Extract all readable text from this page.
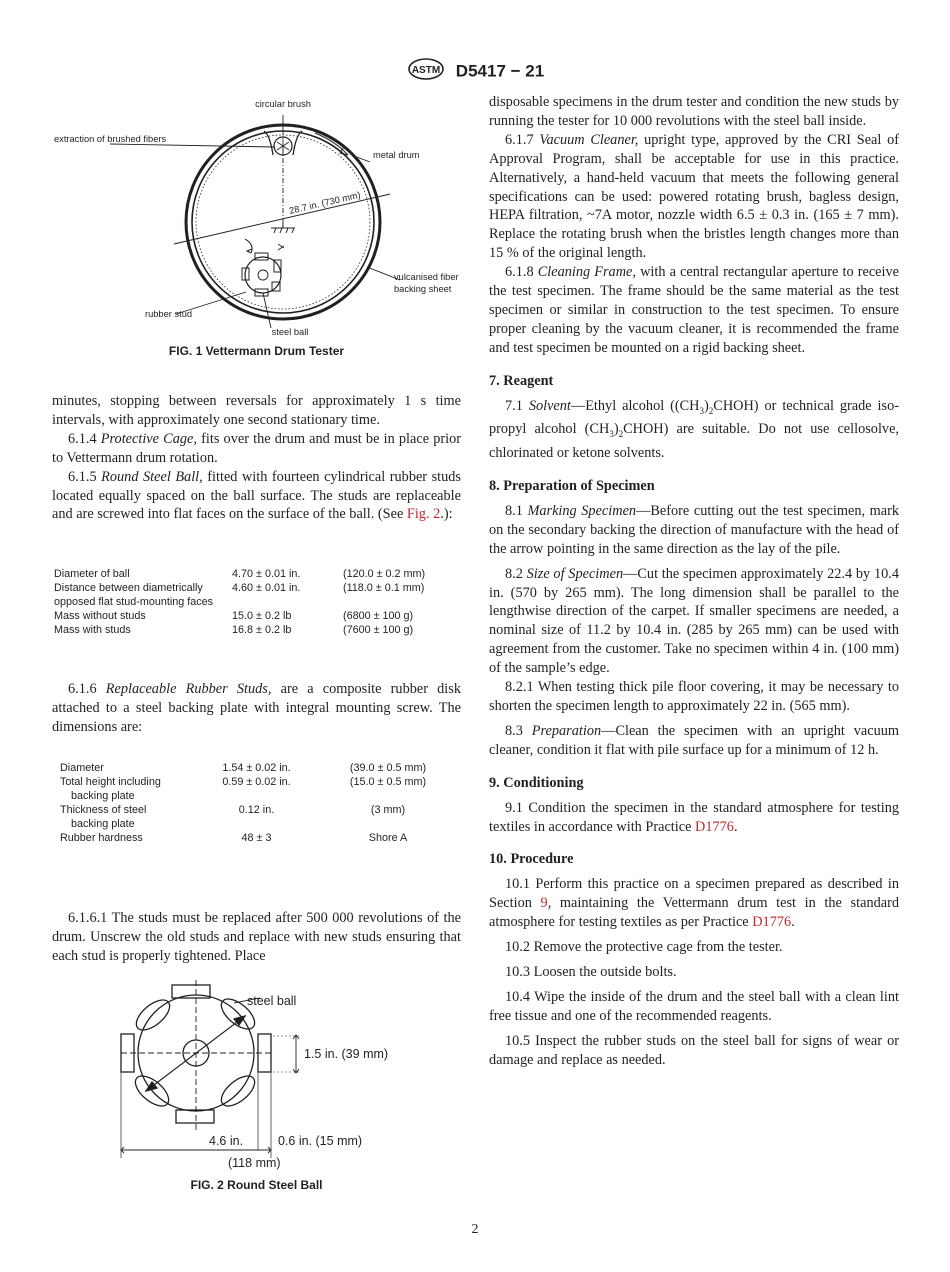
ASTM D5417 − 21
circular brush
extraction of brushed fibers
metal drum
28.7 in. (730 mm)
vulcanised fiber
backing sheet
rubber stud
steel ball
FIG. 1 Vettermann Drum Tester

minutes, stopping between reversals for approximately 1 s time intervals, with approximately one second stationary time.

6.1.4 Protective Cage, fits over the drum and must be in place prior to Vettermann drum rotation.

6.1.5 Round Steel Ball, fitted with fourteen cylindrical rubber studs located equally spaced on the ball surface. The studs are replaceable and are screwed into flat faces on the surface of the ball. (See Fig. 2.):

Diameter of ball	4.70 ± 0.01 in.	(120.0 ± 0.2 mm)
Distance between diametrically
opposed flat stud-mounting faces	4.60 ± 0.01 in.	(118.0 ± 0.1 mm)
Mass without studs	15.0 ± 0.2 lb	(6800 ± 100 g)
Mass with studs	16.8 ± 0.2 lb	(7600 ± 100 g)

6.1.6 Replaceable Rubber Studs, are a composite rubber disk attached to a steel backing plate with integral mounting screw. The dimensions are:

Diameter	1.54 ± 0.02 in.	(39.0 ± 0.5 mm)
Total height including
backing plate	0.59 ± 0.02 in.	(15.0 ± 0.5 mm)
Thickness of steel
backing plate	0.12 in.	(3 mm)
Rubber hardness	48 ± 3	Shore A

6.1.6.1 The studs must be replaced after 500 000 revolutions of the drum. Unscrew the old studs and replace with new studs ensuring that each stud is properly tightened. Place

steel ball
1.5 in. (39 mm)
4.6 in.	0.6 in. (15 mm)
(118 mm)
FIG. 2 Round Steel Ball

disposable specimens in the drum tester and condition the new studs by running the tester for 10 000 revolutions with the steel ball inside.

6.1.7 Vacuum Cleaner, upright type, approved by the CRI Seal of Approval Program, shall be acceptable for use in this practice. Alternatively, a hand-held vacuum that meets the following general specifications can be used: powered rotating brush, bagless design, HEPA filtration, ~7A motor, nozzle width 6.5 ± 0.3 in. (165 ± 7 mm). Replace the rotating brush when the bristles length changes more than 15 % of the original length.

6.1.8 Cleaning Frame, with a central rectangular aperture to receive the test specimen. The frame should be the same material as the test specimen or similar in construction to the test specimen. To ensure proper cleaning by the vacuum cleaner, it is recommended the frame and test specimen be mounted on a rigid backing sheet.

7. Reagent

7.1 Solvent—Ethyl alcohol $((CH_3)_2CHOH)$ or technical grade iso-propyl alcohol $(CH_3)_2CHOH$) are suitable. Do not use cellosolve, chlorinated or ketone solvents.

8. Preparation of Specimen

8.1 Marking Specimen—Before cutting out the test specimen, mark on the secondary backing the direction of manufacture with the head of the arrow pointing in the same direction as the lay of the pile.

8.2 Size of Specimen—Cut the specimen approximately 22.4 by 10.4 in. (570 by 265 mm). The long dimension shall be parallel to the lengthwise direction of the carpet. If smaller specimens are needed, a nominal size of 11.2 by 10.4 in. (285 by 265 mm) can be used with agreement from the customer. Take no specimen within 4 in. (100 mm) of the sample’s edge.

8.2.1 When testing thick pile floor covering, it may be necessary to shorten the specimen length to approximately 22 in. (565 mm).

8.3 Preparation—Clean the specimen with an upright vacuum cleaner, condition it flat with pile surface up for a minimum of 12 h.

9. Conditioning

9.1 Condition the specimen in the standard atmosphere for testing textiles in accordance with Practice D1776.

10. Procedure

10.1 Perform this practice on a specimen prepared as described in Section 9, maintaining the Vettermann drum test in the standard atmosphere for testing textiles as per Practice D1776.

10.2 Remove the protective cage from the tester.

10.3 Loosen the outside bolts.

10.4 Wipe the inside of the drum and the steel ball with a clean lint free tissue and one of the recommended reagents.

10.5 Inspect the rubber studs on the steel ball for signs of wear or damage and replace as needed.

2
